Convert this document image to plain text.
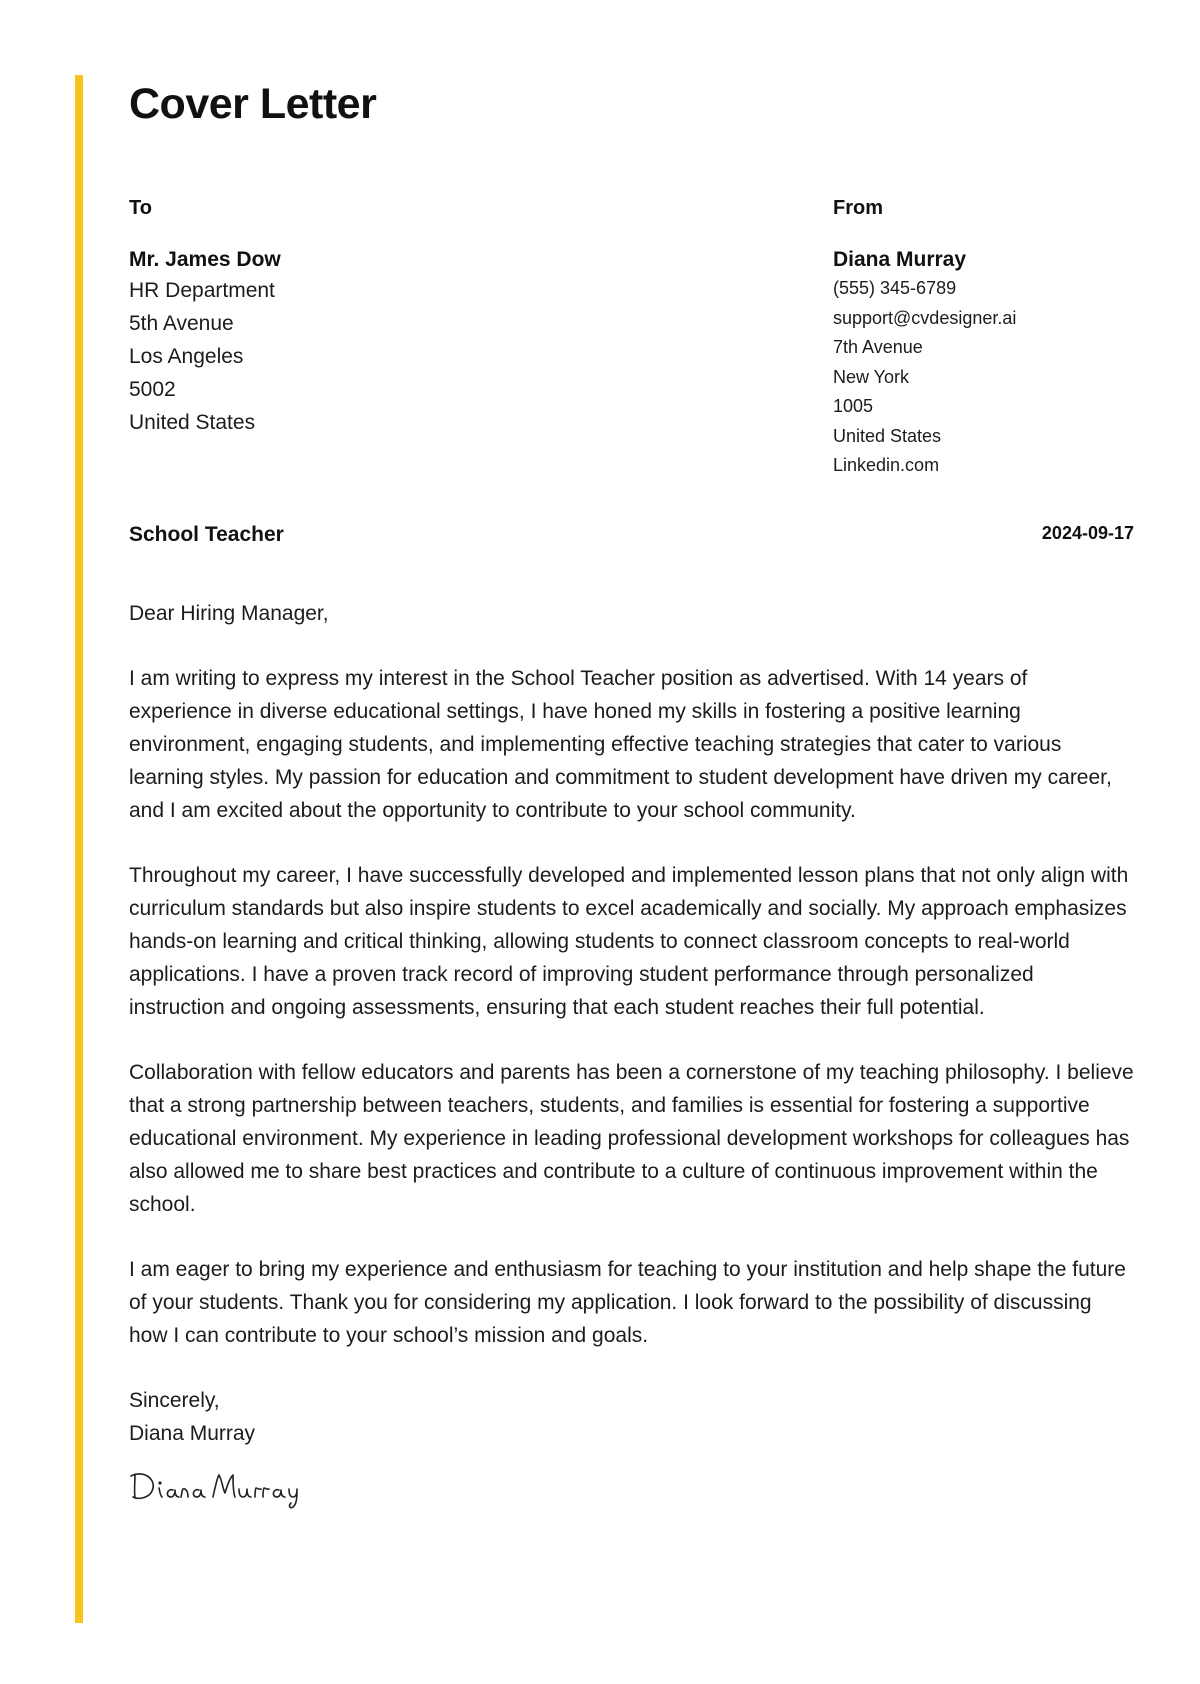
Cover Letter
To
Mr. James Dow
HR Department
5th Avenue
Los Angeles
5002
United States
From
Diana Murray
(555) 345-6789
support@cvdesigner.ai
7th Avenue
New York
1005
United States
Linkedin.com
School Teacher	2024-09-17

Dear Hiring Manager,

I am writing to express my interest in the School Teacher position as advertised. With 14 years of experience in diverse educational settings, I have honed my skills in fostering a positive learning environment, engaging students, and implementing effective teaching strategies that cater to various learning styles. My passion for education and commitment to student development have driven my career, and I am excited about the opportunity to contribute to your school community.

Throughout my career, I have successfully developed and implemented lesson plans that not only align with curriculum standards but also inspire students to excel academically and socially. My approach emphasizes hands-on learning and critical thinking, allowing students to connect classroom concepts to real-world applications. I have a proven track record of improving student performance through personalized instruction and ongoing assessments, ensuring that each student reaches their full potential.

Collaboration with fellow educators and parents has been a cornerstone of my teaching philosophy. I believe that a strong partnership between teachers, students, and families is essential for fostering a supportive educational environment. My experience in leading professional development workshops for colleagues has also allowed me to share best practices and contribute to a culture of continuous improvement within the school.

I am eager to bring my experience and enthusiasm for teaching to your institution and help shape the future of your students. Thank you for considering my application. I look forward to the possibility of discussing how I can contribute to your school’s mission and goals.

Sincerely,
Diana Murray
